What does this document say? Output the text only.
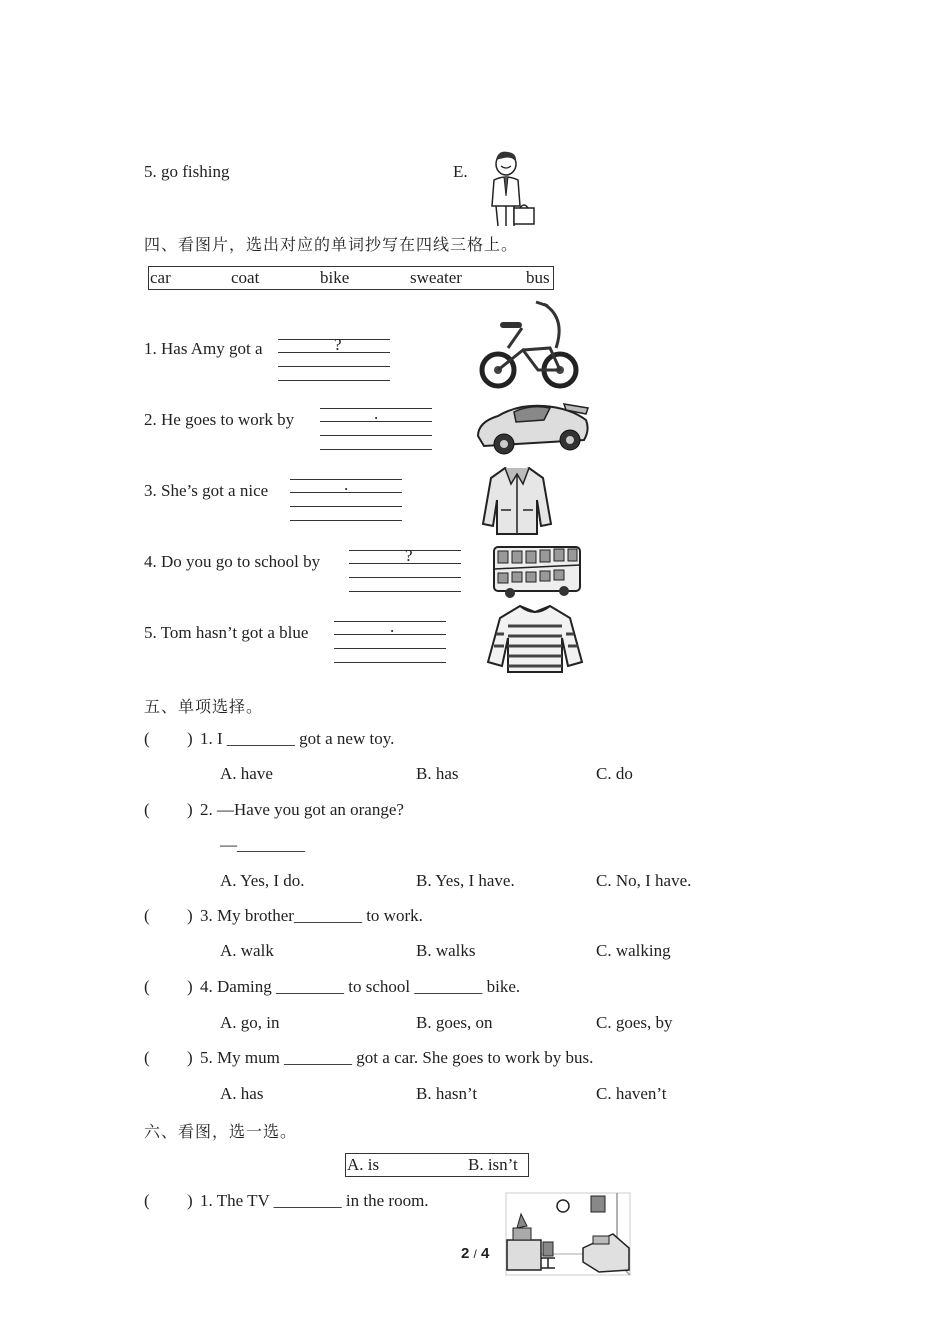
5. go fishing	E.
四、看图片，选出对应的单词抄写在四线三格上。
car	coat	bike	sweater	bus
1. Has Amy got a	?
2. He goes to work by	.
3. She’s got a nice	.
4. Do you go to school by	?
5. Tom hasn’t got a blue	.
五、单项选择。
( ) 1. I ________ got a new toy.
A. have	B. has	C. do
( ) 2. —Have you got an orange?
—________
A. Yes, I do.	B. Yes, I have.	C. No, I have.
( ) 3. My brother________ to work.
A. walk	B. walks	C. walking
( ) 4. Daming ________ to school ________ bike.
A. go, in	B. goes, on	C. goes, by
( ) 5. My mum ________ got a car. She goes to work by bus.
A. has	B. hasn’t	C. haven’t
六、看图，选一选。
A. is	B. isn’t
( ) 1. The TV ________ in the room.
2 / 4
